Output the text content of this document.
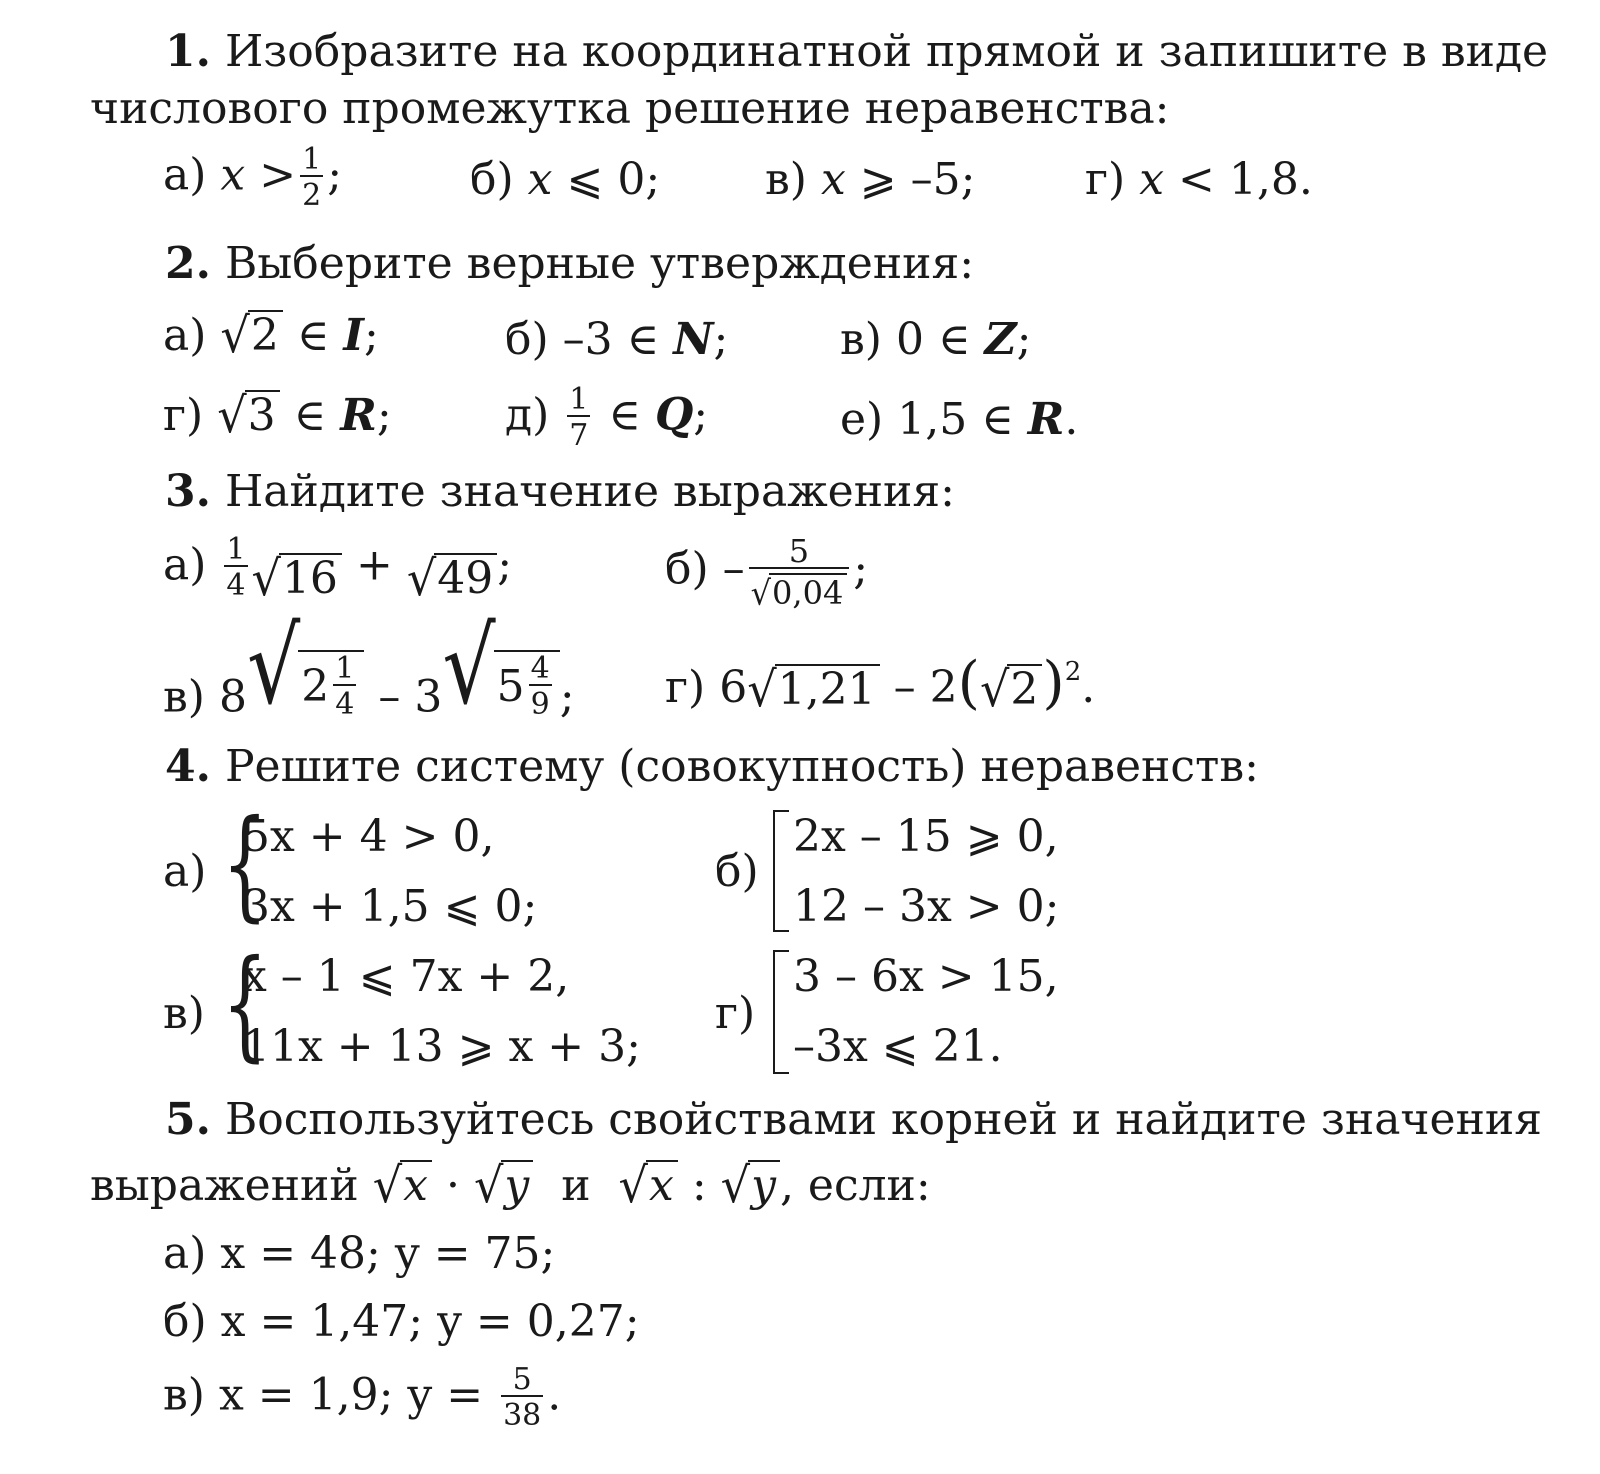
1. Изобразите на координатной прямой и запишите в виде
числового промежутка решение неравенства:
а) $x > \frac{1}{2}$ ;	б) x ⩽ 0; в) x ⩾ –5; г) x < 1,8.
2. Выберите верные утверждения:
а) √ 2 ∈ I;	б) –3 ∈ N;	в) 0 ∈ Z;
г) √ 3 ∈ R;	$д) \frac{1}{7}$ ∈ Q;	е) 1,5 ∈ R.
3. Найдите значение выражения:
$а) \frac{1}{4}$ √ 16 + √ 49 ;	$б) - \frac{5}{√ 0,04}$ ;
в) 8 √ $2 \frac{1}{4} - 3$ √ $5 \frac{4}{9}$ ; г) 6 √ 1,21 – 2( √ 2 )$^2$.
4. Решите систему (совокупность) неравенств:
а) {
5x + 4 > 0,
3x + 1,5 ⩽ 0;
б)
2x – 15 ⩾ 0,
12 – 3x > 0;
в) {
x – 1 ⩽ 7x + 2,
11x + 13 ⩾ x + 3;
г)
3 – 6x > 15,
–3x ⩽ 21.
5. Воспользуйтесь свойствами корней и найдите значения
выражений √ x · √ y и √ x : √ y , если:
а) x = 48; y = 75;
б) x = 1,47; y = 0,27;
в) x = 1,9; $y = \frac{5}{38}$ .
